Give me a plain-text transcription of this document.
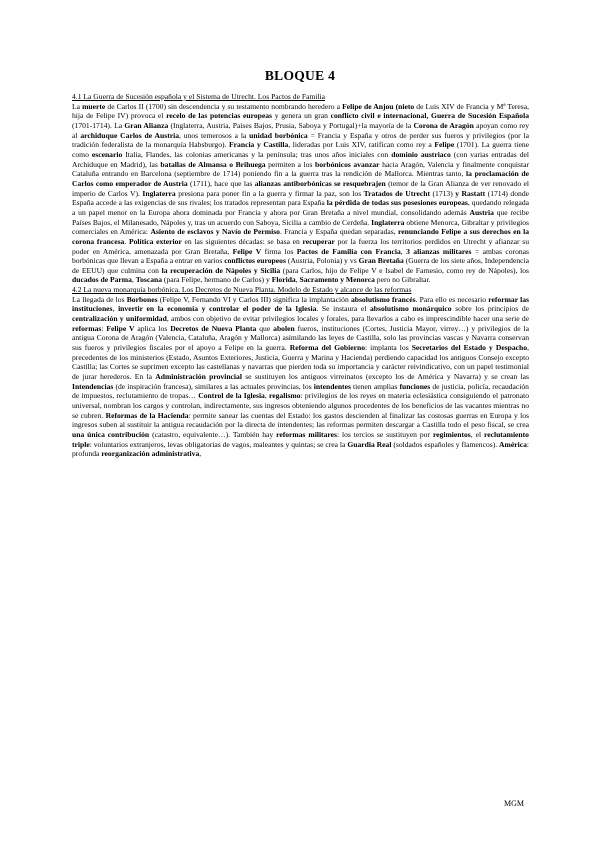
BLOQUE 4
4.1 La Guerra de Sucesión española y el Sistema de Utrecht. Los Pactos de Familia
La muerte de Carlos II (1700) sin descendencia y su testamento nombrando heredero a Felipe de Anjou (nieto de Luis XIV de Francia y Mª Teresa, hija de Felipe IV) provoca el recelo de las potencias europeas y genera un gran conflicto civil e internacional, Guerra de Sucesión Española (1701-1714). La Gran Alianza (Inglaterra, Austria, Países Bajos, Prusia, Saboya y Portugal)+la mayoría de la Corona de Aragón apoyan como rey al archiduque Carlos de Austria, unos temerosos a la unidad borbónica = Francia y España y otros de perder sus fueros y privilegios (por la tradición federalista de la monarquía Habsburgo). Francia y Castilla, lideradas por Luis XIV, ratifican como rey a Felipe (1701). La guerra tiene como escenario Italia, Flandes, las colonias americanas y la península; tras unos años iniciales con dominio austriaco (con varias entradas del Archiduque en Madrid), las batallas de Almansa o Brihuega permiten a los borbónicos avanzar hacia Aragón, Valencia y finalmente conquistar Cataluña entrando en Barcelona (septiembre de 1714) poniendo fin a la guerra tras la rendición de Mallorca. Mientras tanto, la proclamación de Carlos como emperador de Austria (1711), hace que las alianzas antiborbónicas se resquebrajen (temor de la Gran Alianza de ver renovado el imperio de Carlos V). Inglaterra presiona para poner fin a la guerra y firmar la paz, son los Tratados de Utrecht (1713) y Rastatt (1714) donde España accede a las exigencias de sus rivales; los tratados representan para España la pérdida de todas sus posesiones europeas, quedando relegada a un papel menor en la Europa ahora dominada por Francia y ahora por Gran Bretaña a nivel mundial, consolidando además Austria que recibe Países Bajos, el Milanesado, Nápoles y, tras un acuerdo con Saboya, Sicilia a cambio de Cerdeña. Inglaterra obtiene Menorca, Gibraltar y privilegios comerciales en América: Asiento de esclavos y Navío de Permiso. Francia y España quedan separadas, renunciando Felipe a sus derechos en la corona francesa. Política exterior en las siguientes décadas: se basa en recuperar por la fuerza los territorios perdidos en Utrecht y afianzar su poder en América, amenazada por Gran Bretaña, Felipe V firma los Pactos de Familia con Francia, 3 alianzas militares = ambas coronas borbónicas que llevan a España a entrar en varios conflictos europeos (Austria, Polonia) y vs Gran Bretaña (Guerra de los siete años, Independencia de EEUU) que culmina con la recuperación de Nápoles y Sicilia (para Carlos, hijo de Felipe V e Isabel de Farnesio, como rey de Nápoles), los ducados de Parma, Toscana (para Felipe, hermano de Carlos) y Florida, Sacramento y Menorca pero no Gibraltar.
4.2 La nueva monarquía borbónica. Los Decretos de Nueva Planta. Modelo de Estado y alcance de las reformas
La llegada de los Borbones (Felipe V, Fernando VI y Carlos III) significa la implantación absolutismo francés. Para ello es necesario reformar las instituciones, invertir en la economía y controlar el poder de la Iglesia. Se instaura el absolutismo monárquico sobre los principios de centralización y uniformidad, ambos con objetivo de evitar privilegios locales y forales, para llevarlos a cabo es imprescindible hacer una serie de reformas: Felipe V aplica los Decretos de Nueva Planta que abolen fueros, instituciones (Cortes, Justicia Mayor, virrey…) y privilegios de la antigua Corona de Aragón (Valencia, Cataluña, Aragón y Mallorca) asimilando las leyes de Castilla, solo las provincias vascas y Navarra conservan sus fueros y privilegios fiscales por el apoyo a Felipe en la guerra. Reforma del Gobierno: implanta los Secretarios del Estado y Despacho, precedentes de los ministerios (Estado, Asuntos Exteriores, Justicia, Guerra y Marina y Hacienda) perdiendo capacidad los antiguos Consejo excepto Castilla; las Cortes se suprimen excepto las castellanas y navarras que pierden toda su importancia y carácter reivindicativo, con un papel testimonial de jurar herederos. En la Administración provincial se sustituyen los antiguos virreinatos (excepto los de América y Navarra) y se crean las Intendencias (de inspiración francesa), similares a las actuales provincias, los intendentes tienen amplias funciones de justicia, policía, recaudación de impuestos, reclutamiento de tropas… Control de la Iglesia, regalismo: privilegios de los reyes en materia eclesiástica consiguiendo el patronato universal, nombran los cargos y controlan, indirectamente, sus ingresos obteniendo algunos procedentes de los beneficios de las vacantes mientras no se cubren. Reformas de la Hacienda: permite sanear las cuentas del Estado: los gastos descienden al finalizar las costosas guerras en Europa y los ingresos suben al sustituir la antigua recaudación por la directa de intendentes; las reformas permiten descargar a Castilla todo el peso fiscal, se crea una única contribución (catastro, equivalente…). También hay reformas militares: los tercios se sustituyen por regimientos, el reclutamiento triple: voluntarios extranjeros, levas obligatorias de vagos, maleantes y quintas; se crea la Guardia Real (soldados españoles y flamencos). América: profunda reorganización administrativa,
MGM
